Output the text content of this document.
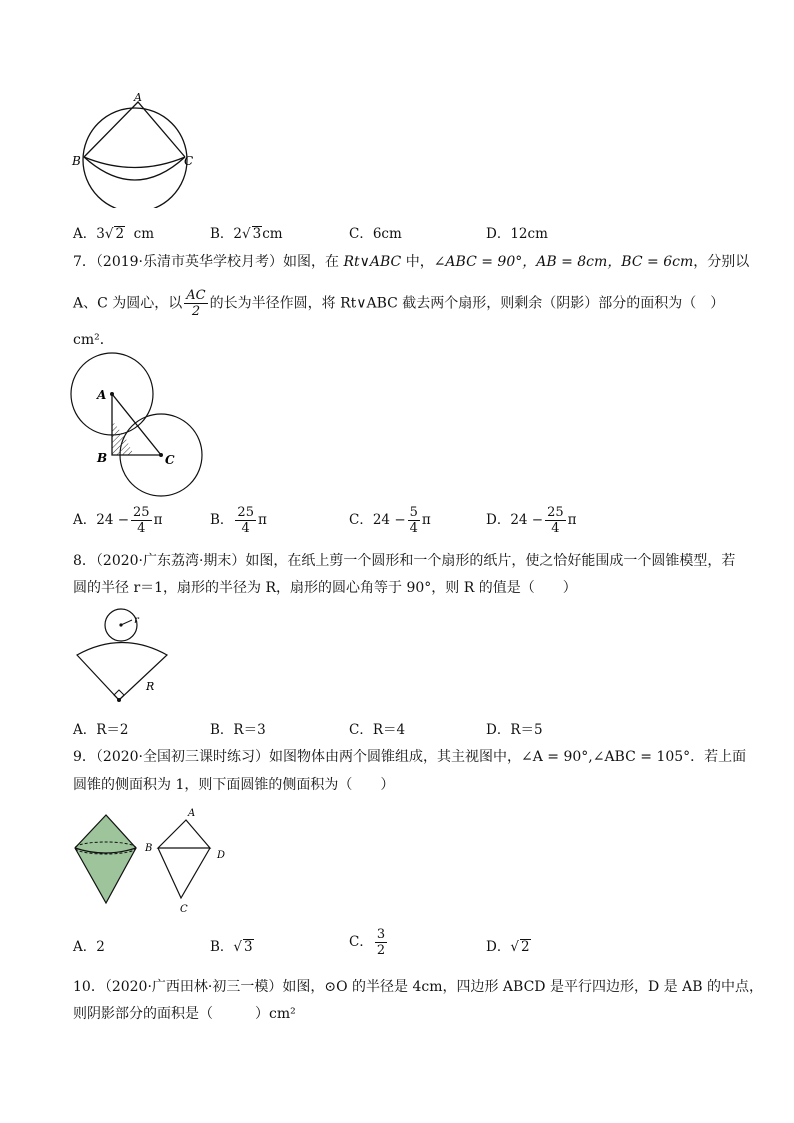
A
B	C
A．3√ 2 cm	B．2√ 3cm	C．6cm	D．12cm
7．（2019·乐清市英华学校月考）如图，在 Rt∨ABC 中，∠ABC = 90°，AB = 8cm，BC = 6cm，分别以
A、C 为圆心，以 $\frac{AC}{2}$ 的长为半径作圆，将 Rt∨ABC 截去两个扇形，则剩余（阴影）部分的面积为（　）
cm²．
A
B	C
A．$24 - \frac{25}{4}$ π	B． $\frac{25}{4}$ π	C．$24 - \frac{5}{4}$ π	D．$24 - \frac{25}{4}$ π
8．（2020·广东荔湾·期末）如图，在纸上剪一个圆形和一个扇形的纸片，使之恰好能围成一个圆锥模型，若
圆的半径 r＝1，扇形的半径为 R，扇形的圆心角等于 90°，则 R 的值是（　　）
r
R
A．R＝2	B．R＝3	C．R＝4	D．R＝5
9．（2020·全国初三课时练习）如图物体由两个圆锥组成，其主视图中，∠A = 90°,∠ABC = 105°．若上面
圆锥的侧面积为 1，则下面圆锥的侧面积为（　　）
A
B
C
D
A．2	B．√ 3	C． $\frac{3}{2}$	D．√ 2
10．（2020·广西田林·初三一模）如图，⊙O 的半径是 4cm，四边形 ABCD 是平行四边形，D 是 AB 的中点，
则阴影部分的面积是（　　　）cm²
